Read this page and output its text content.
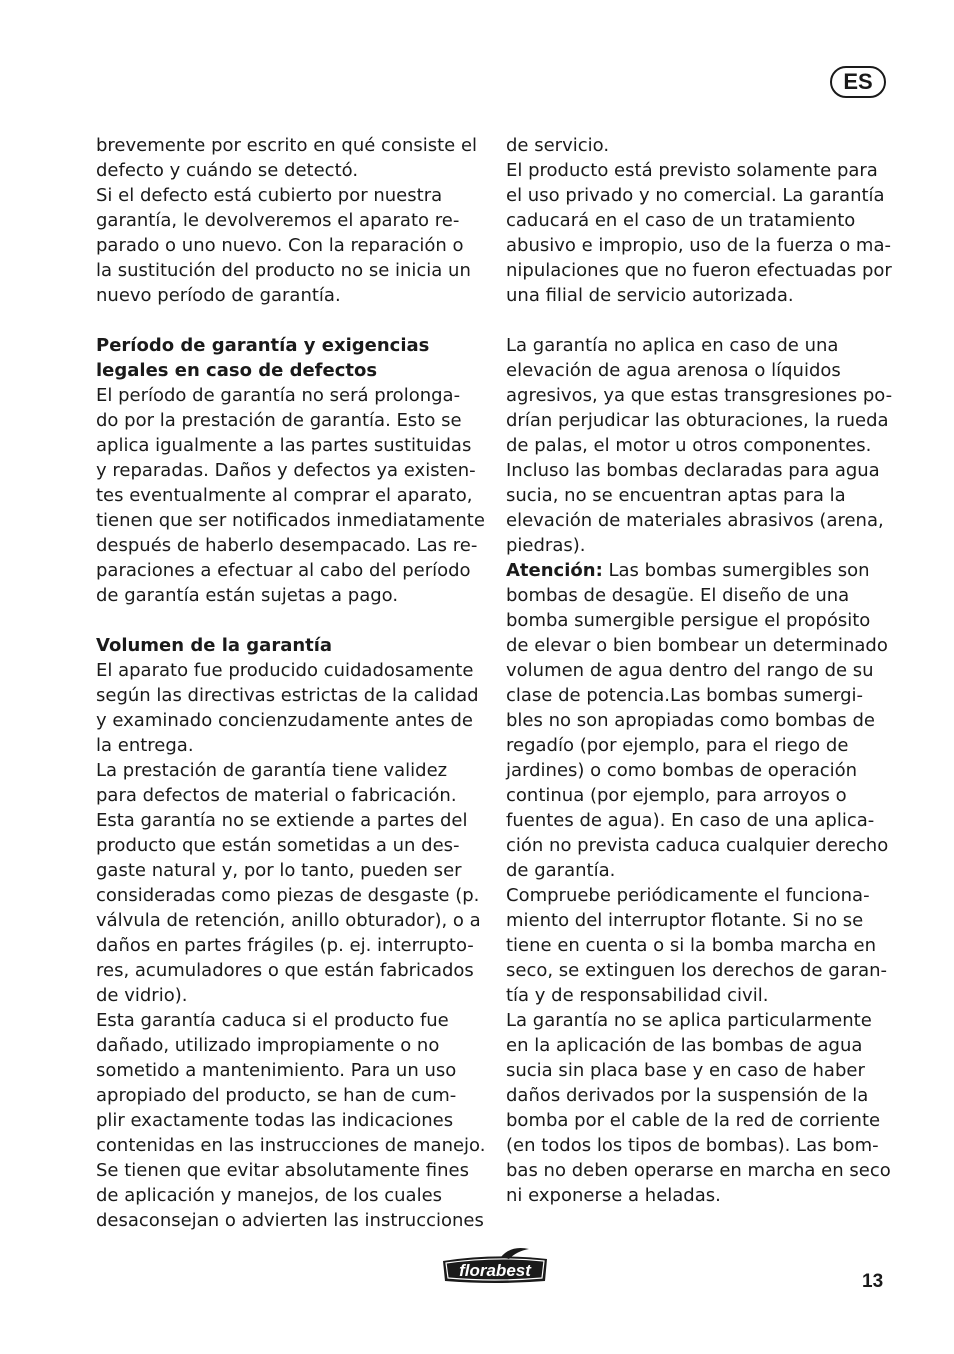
ES

brevemente por escrito en qué consiste el
defecto y cuándo se detectó.
Si el defecto está cubierto por nuestra
garantía, le devolveremos el aparato re-
parado o uno nuevo. Con la reparación o
la sustitución del producto no se inicia un
nuevo período de garantía.

Período de garantía y exigencias
legales en caso de defectos

El período de garantía no será prolonga-
do por la prestación de garantía. Esto se
aplica igualmente a las partes sustituidas
y reparadas. Daños y defectos ya existen-
tes eventualmente al comprar el aparato,
tienen que ser notificados inmediatamente
después de haberlo desempacado. Las re-
paraciones a efectuar al cabo del período
de garantía están sujetas a pago.

Volumen de la garantía

El aparato fue producido cuidadosamente
según las directivas estrictas de la calidad
y examinado concienzudamente antes de
la entrega.
La prestación de garantía tiene validez
para defectos de material o fabricación.
Esta garantía no se extiende a partes del
producto que están sometidas a un des-
gaste natural y, por lo tanto, pueden ser
consideradas como piezas de desgaste (p.
válvula de retención, anillo obturador), o a
daños en partes frágiles (p. ej. interrupto-
res, acumuladores o que están fabricados
de vidrio).
Esta garantía caduca si el producto fue
dañado, utilizado impropiamente o no
sometido a mantenimiento. Para un uso
apropiado del producto, se han de cum-
plir exactamente todas las indicaciones
contenidas en las instrucciones de manejo.
Se tienen que evitar absolutamente fines
de aplicación y manejos, de los cuales
desaconsejan o advierten las instrucciones

de servicio.
El producto está previsto solamente para
el uso privado y no comercial. La garantía
caducará en el caso de un tratamiento
abusivo e impropio, uso de la fuerza o ma-
nipulaciones que no fueron efectuadas por
una filial de servicio autorizada.

La garantía no aplica en caso de una
elevación de agua arenosa o líquidos
agresivos, ya que estas transgresiones po-
drían perjudicar las obturaciones, la rueda
de palas, el motor u otros componentes.
Incluso las bombas declaradas para agua
sucia, no se encuentran aptas para la
elevación de materiales abrasivos (arena,
piedras).

Atención: Las bombas sumergibles son
bombas de desagüe. El diseño de una
bomba sumergible persigue el propósito
de elevar o bien bombear un determinado
volumen de agua dentro del rango de su
clase de potencia.Las bombas sumergi-
bles no son apropiadas como bombas de
regadío (por ejemplo, para el riego de
jardines) o como bombas de operación
continua (por ejemplo, para arroyos o
fuentes de agua). En caso de una aplica-
ción no prevista caduca cualquier derecho
de garantía.
Compruebe periódicamente el funciona-
miento del interruptor flotante. Si no se
tiene en cuenta o si la bomba marcha en
seco, se extinguen los derechos de garan-
tía y de responsabilidad civil.
La garantía no se aplica particularmente
en la aplicación de las bombas de agua
sucia sin placa base y en caso de haber
daños derivados por la suspensión de la
bomba por el cable de la red de corriente
(en todos los tipos de bombas). Las bom-
bas no deben operarse en marcha en seco
ni exponerse a heladas.

florabest
13
